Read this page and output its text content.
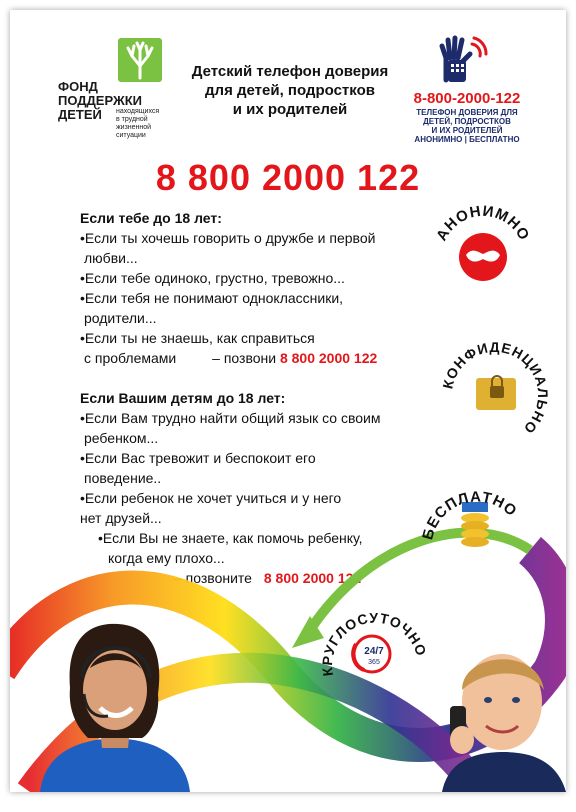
ФОНД
ПОДДЕРЖКИ
ДЕТЕЙ	находящихся
в трудной
жизненной
ситуации
Детский телефон доверия
для детей, подростков
и их родителей
8-800-2000-122
ТЕЛЕФОН ДОВЕРИЯ ДЛЯ
ДЕТЕЙ, ПОДРОСТКОВ
И ИХ РОДИТЕЛЕЙ
АНОНИМНО | БЕСПЛАТНО
8 800 2000 122

Если тебе до 18 лет:

•Если ты хочешь говорить о дружбе и первой

любви...

•Если тебе одиноко, грустно, тревожно...

•Если тебя не понимают одноклассники,

родители...

•Если ты не знаешь, как справиться

с проблемами	– позвони 8 800 2000 122

Если Вашим детям до 18 лет:

•Если Вам трудно найти общий язык со своим

ребенком...

•Если Вас тревожит и беспокоит его

поведение..

•Если ребенок не хочет учиться и у него

нет друзей...

•Если Вы не знаете, как помочь ребенку,

когда ему плохо...

– позвоните 8 800 2000 122

АНОНИМНО
КОНФИДЕНЦИАЛЬНО
БЕСПЛАТНО
24/7
365
КРУГЛОСУТОЧНО
